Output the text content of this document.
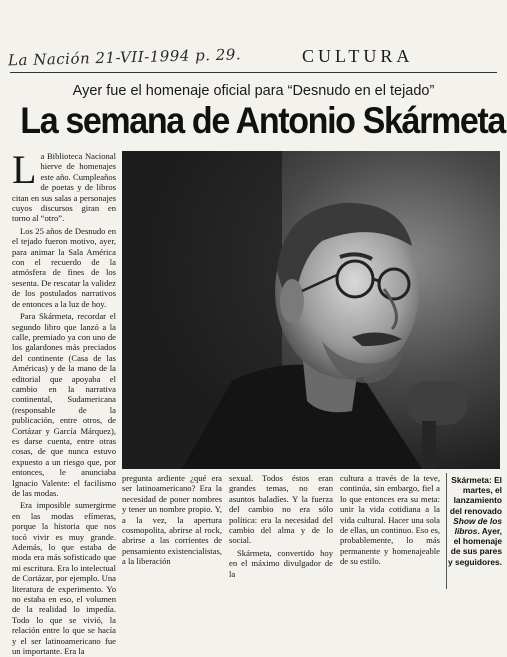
La Nación 21-VII-1994 p. 29.	CULTURA
Ayer fue el homenaje oficial para “Desnudo en el tejado”
La semana de Antonio Skármeta

L a Biblioteca Nacional hierve de homenajes este año. Cumpleaños de poetas y de libros citan en sus salas a personajes cuyos discursos giran en torno al “otro”.

Los 25 años de Desnudo en el tejado fueron motivo, ayer, para animar la Sala América con el recuerdo de la atmósfera de fines de los sesenta. De rescatar la validez de los postulados narrativos de entonces a la luz de hoy.

Para Skármeta, recordar el segundo libro que lanzó a la calle, premiado ya con uno de los galardones más preciados del continente (Casa de las Américas) y de la mano de la editorial que apoyaba el cambio en la narrativa continental, Sudamericana (responsable de la publicación, entre otros, de Cortázar y García Márquez), es darse cuenta, entre otras cosas, de que nunca estuvo expuesto a un riesgo que, por entonces, le anunciaba Ignacio Valente: el facilismo de las modas.

Era imposible sumergirme en las modas efímeras, porque la historia que nos tocó vivir es muy grande. Además, lo que estaba de moda era más sofisticado que mi escritura. Era lo intelectual de Cortázar, por ejemplo. Una literatura de experimento. Yo no estaba en eso, el volumen de la realidad lo impedía. Todo lo que se vivió, la relación entre lo que se hacía y el ser latinoamericano fue un importante. Era la

pregunta ardiente ¿qué era ser latinoamericano? Era la necesidad de poner nombres y tener un nombre propio. Y, a la vez, la apertura cosmopolita, abrirse al rock, abrirse a las corrientes de pensamiento existencialistas, a la liberación

sexual. Todos éstos eran grandes temas, no eran asuntos baladíes. Y la fuerza del cambio no era sólo política: era la necesidad del cambio del alma y de lo social.

Skármeta, convertido hoy en el máximo divulgador de la

cultura a través de la teve, continúa, sin embargo, fiel a lo que entonces era su meta: unir la vida cotidiana a la vida cultural. Hacer una sola de ellas, un continuo. Eso es, probablemente, lo más permanente y homenajeable de su estilo.

Skármeta: El martes, el lanzamiento del renovado Show de los libros. Ayer, el homenaje de sus pares y seguidores.
